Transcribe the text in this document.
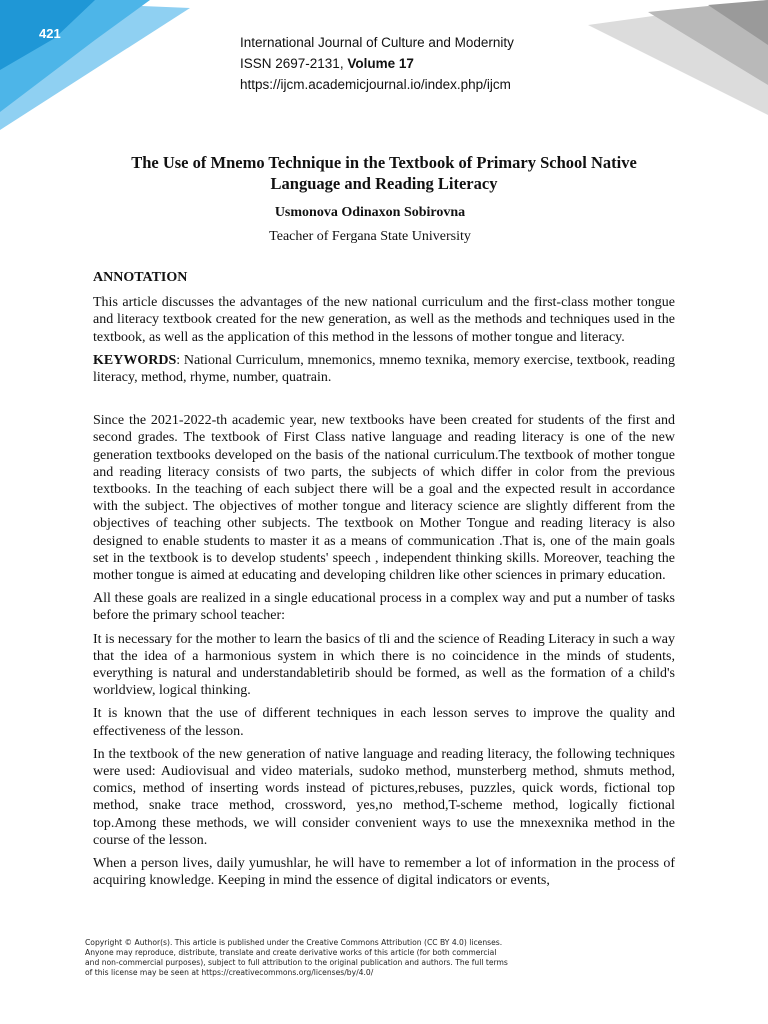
421
International Journal of Culture and Modernity
ISSN 2697-2131, Volume 17
https://ijcm.academicjournal.io/index.php/ijcm
The Use of Mnemo Technique in the Textbook of Primary School Native
Language and Reading Literacy

Usmonova Odinaxon Sobirovna

Teacher of Fergana State University

ANNOTATION

This article discusses the advantages of the new national curriculum and the first-class mother tongue and literacy textbook created for the new generation, as well as the methods and techniques used in the textbook, as well as the application of this method in the lessons of mother tongue and literacy.

KEYWORDS: National Curriculum, mnemonics, mnemo texnika, memory exercise, textbook, reading literacy, method, rhyme, number, quatrain.

Since the 2021-2022-th academic year, new textbooks have been created for students of the first and second grades. The textbook of First Class native language and reading literacy is one of the new generation textbooks developed on the basis of the national curriculum.The textbook of mother tongue and reading literacy consists of two parts, the subjects of which differ in color from the previous textbooks. In the teaching of each subject there will be a goal and the expected result in accordance with the subject. The objectives of mother tongue and literacy science are slightly different from the objectives of teaching other subjects. The textbook on Mother Tongue and reading literacy is also designed to enable students to master it as a means of communication .That is, one of the main goals set in the textbook is to develop students' speech , independent thinking skills. Moreover, teaching the mother tongue is aimed at educating and developing children like other sciences in primary education.

All these goals are realized in a single educational process in a complex way and put a number of tasks before the primary school teacher:

It is necessary for the mother to learn the basics of tli and the science of Reading Literacy in such a way that the idea of a harmonious system in which there is no coincidence in the minds of students, everything is natural and understandabletirib should be formed, as well as the formation of a child's worldview, logical thinking.

It is known that the use of different techniques in each lesson serves to improve the quality and effectiveness of the lesson.

In the textbook of the new generation of native language and reading literacy, the following techniques were used: Audiovisual and video materials, sudoko method, munsterberg method, shmuts method, comics, method of inserting words instead of pictures,rebuses, puzzles, quick words, fictional top method, snake trace method, crossword, yes,no method,T-scheme method, logically fictional top.Among these methods, we will consider convenient ways to use the mnexexnika method in the course of the lesson.

When a person lives, daily yumushlar, he will have to remember a lot of information in the process of acquiring knowledge. Keeping in mind the essence of digital indicators or events,

Copyright © Author(s). This article is published under the Creative Commons Attribution (CC BY 4.0) licenses.
Anyone may reproduce, distribute, translate and create derivative works of this article (for both commercial
and non-commercial purposes), subject to full attribution to the original publication and authors. The full terms
of this license may be seen at https://creativecommons.org/licenses/by/4.0/
